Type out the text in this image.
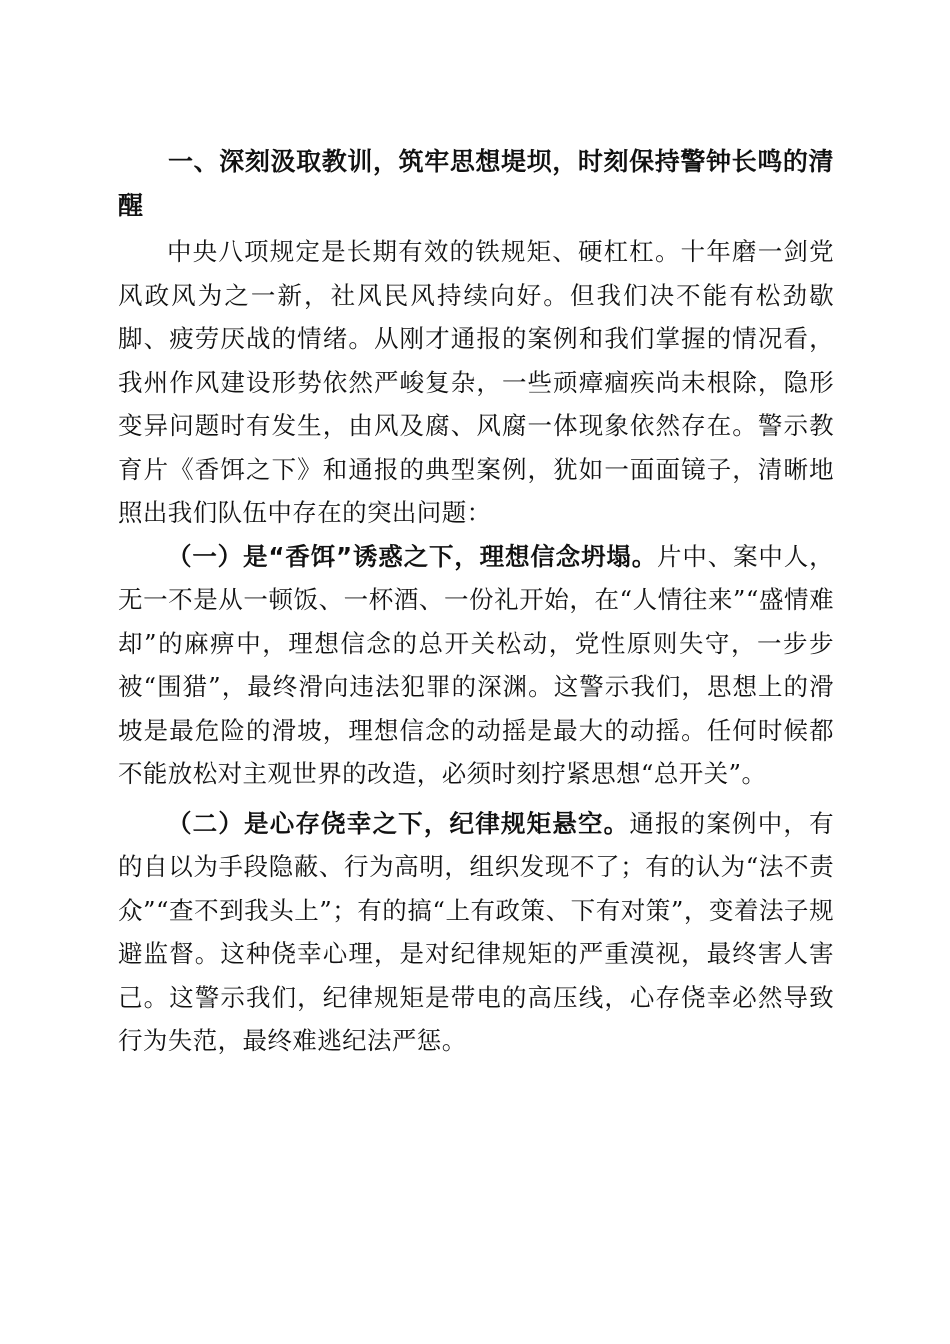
一、深刻汲取教训，筑牢思想堤坝，时刻保持警钟长鸣的清醒

中央八项规定是长期有效的铁规矩、硬杠杠。十年磨一剑党风政风为之一新，社风民风持续向好。但我们决不能有松劲歇脚、疲劳厌战的情绪。从刚才通报的案例和我们掌握的情况看，我州作风建设形势依然严峻复杂，一些顽瘴痼疾尚未根除，隐形变异问题时有发生，由风及腐、风腐一体现象依然存在。警示教育片《香饵之下》和通报的典型案例，犹如一面面镜子，清晰地照出我们队伍中存在的突出问题：

（一）是“香饵”诱惑之下，理想信念坍塌。片中、案中人，无一不是从一顿饭、一杯酒、一份礼开始，在“人情往来”“盛情难却”的麻痹中，理想信念的总开关松动，党性原则失守，一步步被“围猎”，最终滑向违法犯罪的深渊。这警示我们，思想上的滑坡是最危险的滑坡，理想信念的动摇是最大的动摇。任何时候都不能放松对主观世界的改造，必须时刻拧紧思想“总开关”。

（二）是心存侥幸之下，纪律规矩悬空。通报的案例中，有的自以为手段隐蔽、行为高明，组织发现不了；有的认为“法不责众”“查不到我头上”；有的搞“上有政策、下有对策”，变着法子规避监督。这种侥幸心理，是对纪律规矩的严重漠视，最终害人害己。这警示我们，纪律规矩是带电的高压线，心存侥幸必然导致行为失范，最终难逃纪法严惩。
